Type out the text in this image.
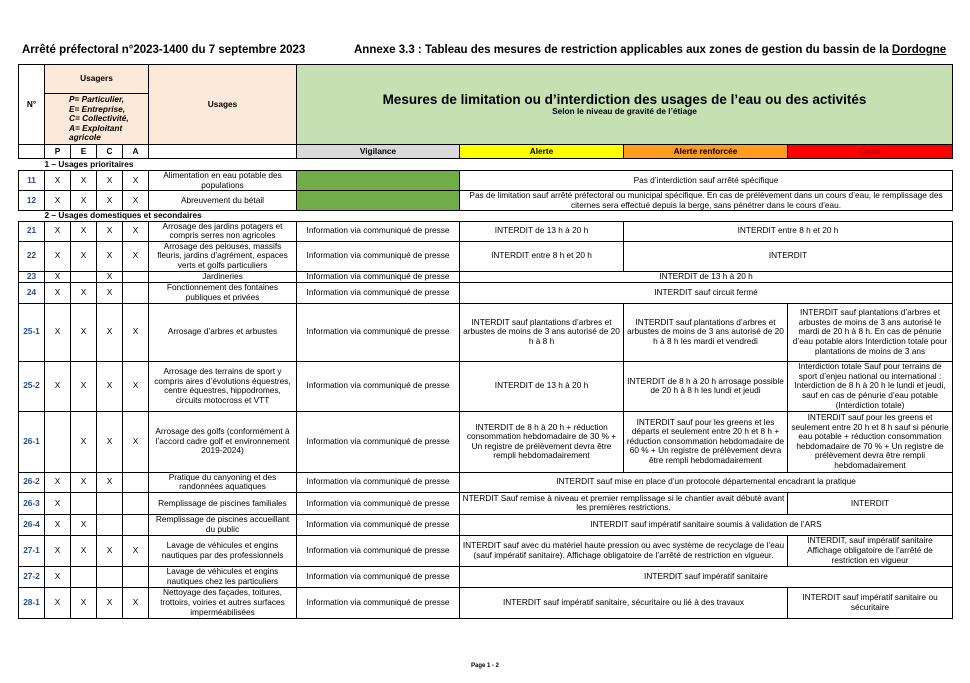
Arrêté préfectoral n°2023-1400 du 7 septembre 2023	Annexe 3.3 : Tableau des mesures de restriction applicables aux zones de gestion du bassin de la Dordogne
N°	Usagers				Usages	Mesures de limitation ou d’interdiction des usages de l’eau ou des activités
Selon le niveau de gravité de l’étiage			

	P= Particulier,
E= Entreprise,
C= Collectivité,
A= Exploitant agricole								

	P	E	C	A		Vigilance	Alerte	Alerte renforcée	Crise
1 – Usages prioritaires									
11	X	X	X	X	Alimentation en eau potable des populations		Pas d’interdiction sauf arrêté spécifique		
12	X	X	X	X	Abreuvement du bétail		Pas de limitation sauf arrêté préfectoral ou municipal spécifique. En cas de prélèvement dans un cours d’eau, le remplissage des citernes sera effectué depuis la berge, sans pénétrer dans le cours d’eau.		
2 – Usages domestiques et secondaires									
21	X	X	X	X	Arrosage des jardins potagers et compris serres non agricoles	Information via communiqué de presse	INTERDIT de 13 h à 20 h	INTERDIT entre 8 h et 20 h	
22	X	X	X	X	Arrosage des pelouses, massifs fleuris, jardins d’agrément, espaces verts et golfs particuliers	Information via communiqué de presse	INTERDIT entre 8 h et 20 h	INTERDIT	
23	X		X		Jardineries	Information via communiqué de presse	INTERDIT de 13 h à 20 h		
24	X	X	X		Fonctionnement des fontaines publiques et privées	Information via communiqué de presse	INTERDIT sauf circuit fermé		
25-1	X	X	X	X	Arrosage d’arbres et arbustes	Information via communiqué de presse	INTERDIT sauf plantations d’arbres et arbustes de moins de 3 ans autorisé de 20 h à 8 h	INTERDIT sauf plantations d’arbres et arbustes de moins de 3 ans autorisé de 20 h à 8 h les mardi et vendredi	INTERDIT sauf plantations d’arbres et arbustes de moins de 3 ans autorisé le mardi de 20 h à 8 h. En cas de pénurie d’eau potable alors Interdiction totale pour plantations de moins de 3 ans
25-2	X	X	X	X	Arrosage des terrains de sport y compris aires d’évolutions équestres, centre équestres, hippodromes, circuits motocross et VTT	Information via communiqué de presse	INTERDIT de 13 h à 20 h	INTERDIT de 8 h à 20 h arrosage possible de 20 h à 8 h les lundi et jeudi	Interdiction totale Sauf pour terrains de sport d’enjeu national ou international : Interdiction de 8 h à 20 h le lundi et jeudi, sauf en cas de pénurie d’eau potable (Interdiction totale)
26-1		X	X	X	Arrosage des golfs (conformément à l’accord cadre golf et environnement 2019-2024)	Information via communiqué de presse	INTERDIT de 8 h à 20 h + réduction consommation hebdomadaire de 30 % + Un registre de prélèvement devra être rempli hebdomadairement	INTERDIT sauf pour les greens et les départs et seulement entre 20 h et 8 h + réduction consommation hebdomadaire de 60 % + Un registre de prélèvement devra être rempli hebdomadairement	INTERDIT sauf pour les greens et seulement entre 20 h et 8 h sauf si pénurie eau potable + réduction consommation hebdomadaire de 70 % + Un registre de prélèvement devra être rempli hebdomadairement
26-2	X	X	X		Pratique du canyoning et des randonnées aquatiques	Information via communiqué de presse	INTERDIT sauf mise en place d’un protocole départemental encadrant la pratique		
26-3	X				Remplissage de piscines familiales	Information via communiqué de presse	NTERDIT Sauf remise à niveau et premier remplissage si le chantier avait débuté avant les premières restrictions.		INTERDIT
26-4	X	X			Remplissage de piscines accueillant du public	Information via communiqué de presse	INTERDIT sauf impératif sanitaire soumis à validation de l’ARS		
27-1	X	X	X	X	Lavage de véhicules et engins nautiques par des professionnels	Information via communiqué de presse	INTERDIT sauf avec du matériel haute pression ou avec système de recyclage de l’eau (sauf impératif sanitaire). Affichage obligatoire de l’arrêté de restriction en vigueur.		INTERDIT, sauf impératif sanitaire Affichage obligatoire de l’arrêté de restriction en vigueur
27-2	X				Lavage de véhicules et engins nautiques chez les particuliers	Information via communiqué de presse	INTERDIT sauf impératif sanitaire		
28-1	X	X	X	X	Nettoyage des façades, toitures, trottoirs, voiries et autres surfaces imperméabilisées	Information via communiqué de presse	INTERDIT sauf impératif sanitaire, sécuritaire ou lié à des travaux		INTERDIT sauf impératif sanitaire ou sécuritaire
Page 1 - 2
